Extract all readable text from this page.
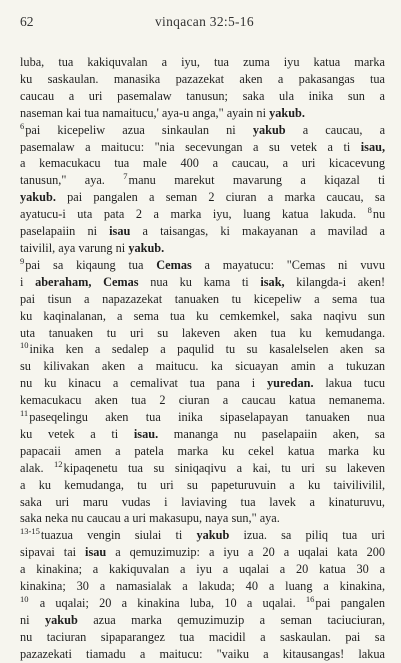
62	vinqacan 32:5-16
luba, tua kakiquvalan a iyu, tua zuma iyu katua marka
ku saskaulan. manasika pazazekat aken a pakasangas tua
caucau a uri pasemalaw tanusun; saka ula inika sun a
naseman kai tua namaitucu,' aya-u anga," ayain ni yakub.
$^6$pai kicepeliw azua sinkaulan ni yakub a caucau, a
pasemalaw a maitucu: "nia secevungan a su vetek a ti isau,
a kemacukacu tua male 400 a caucau, a uri kicacevung
tanusun," aya. $^7$manu marekut mavarung a kiqazal ti
yakub. pai pangalen a seman 2 ciuran a marka caucau, sa
ayatucu-i uta pata 2 a marka iyu, luang katua lakuda. $^8$nu
paselapaiin ni isau a taisangas, ki makayanan a mavilad a
taivilil, aya varung ni yakub.
$^9$pai sa kiqaung tua Cemas a mayatucu: "Cemas ni vuvu
i aberaham, Cemas nua ku kama ti isak, kilangda-i aken!
pai tisun a napazazekat tanuaken tu kicepeliw a sema tua
ku kaqinalanan, a sema tua ku cemkemkel, saka naqivu sun
uta tanuaken tu uri su lakeven aken tua ku kemudanga.
$^{10}$inika ken a sedalep a paqulid tu su kasalelselen aken sa
su kilivakan aken a maitucu. ka sicuayan amin a tukuzan
nu ku kinacu a cemalivat tua pana i yuredan. lakua tucu
kemacukacu aken tua 2 ciuran a caucau katua nemanema.
$^{11}$paseqelingu aken tua inika sipaselapayan tanuaken nua
ku vetek a ti isau. mananga nu paselapaiin aken, sa
papacaii amen a patela marka ku cekel katua marka ku
alak. $^{12}$kipaqenetu tua su siniqaqivu a kai, tu uri su lakeven
a ku kemudanga, tu uri su papeturuvuin a ku taivilivilil,
saka uri maru vudas i laviaving tua lavek a kinaturuvu,
saka neka nu caucau a uri makasupu, naya sun," aya.
$^{13-15}$tuazua vengin siulai ti yakub izua. sa piliq tua uri
sipavai tai isau a qemuzimuzip: a iyu a 20 a uqalai kata 200
a kinakina; a kakiquvalan a iyu a uqalai a 20 katua 30 a
kinakina; 30 a namasialak a lakuda; 40 a luang a kinakina,
$^{10}$ a uqalai; 20 a kinakina luba, 10 a uqalai. $^{16}$pai pangalen
ni yakub azua marka qemuzimuzip a seman taciuciuran,
nu taciuran sipaparangez tua macidil a saskaulan. pai sa
pazazekati tiamadu a maitucu: "vaiku a kitausangas! lakua
